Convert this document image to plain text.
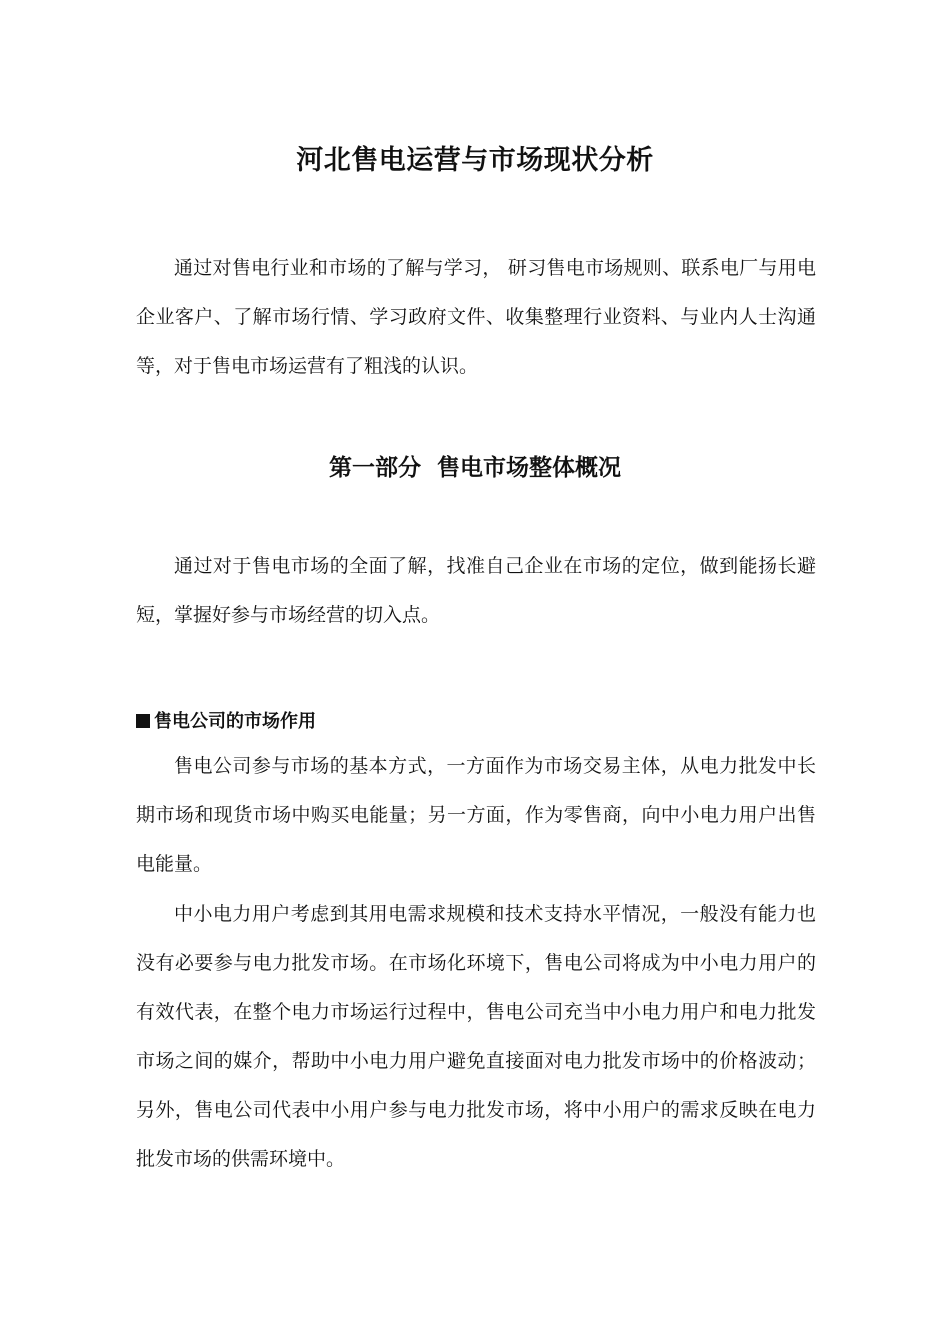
河北售电运营与市场现状分析

通过对售电行业和市场的了解与学习， 研习售电市场规则、联系电厂与用电企业客户、了解市场行情、学习政府文件、收集整理行业资料、与业内人士沟通等，对于售电市场运营有了粗浅的认识。

第一部分  售电市场整体概况

通过对于售电市场的全面了解，找准自己企业在市场的定位，做到能扬长避短，掌握好参与市场经营的切入点。

售电公司的市场作用

售电公司参与市场的基本方式，一方面作为市场交易主体，从电力批发中长期市场和现货市场中购买电能量；另一方面，作为零售商，向中小电力用户出售电能量。

中小电力用户考虑到其用电需求规模和技术支持水平情况，一般没有能力也没有必要参与电力批发市场。在市场化环境下，售电公司将成为中小电力用户的有效代表，在整个电力市场运行过程中，售电公司充当中小电力用户和电力批发市场之间的媒介，帮助中小电力用户避免直接面对电力批发市场中的价格波动；另外，售电公司代表中小用户参与电力批发市场，将中小用户的需求反映在电力批发市场的供需环境中。
